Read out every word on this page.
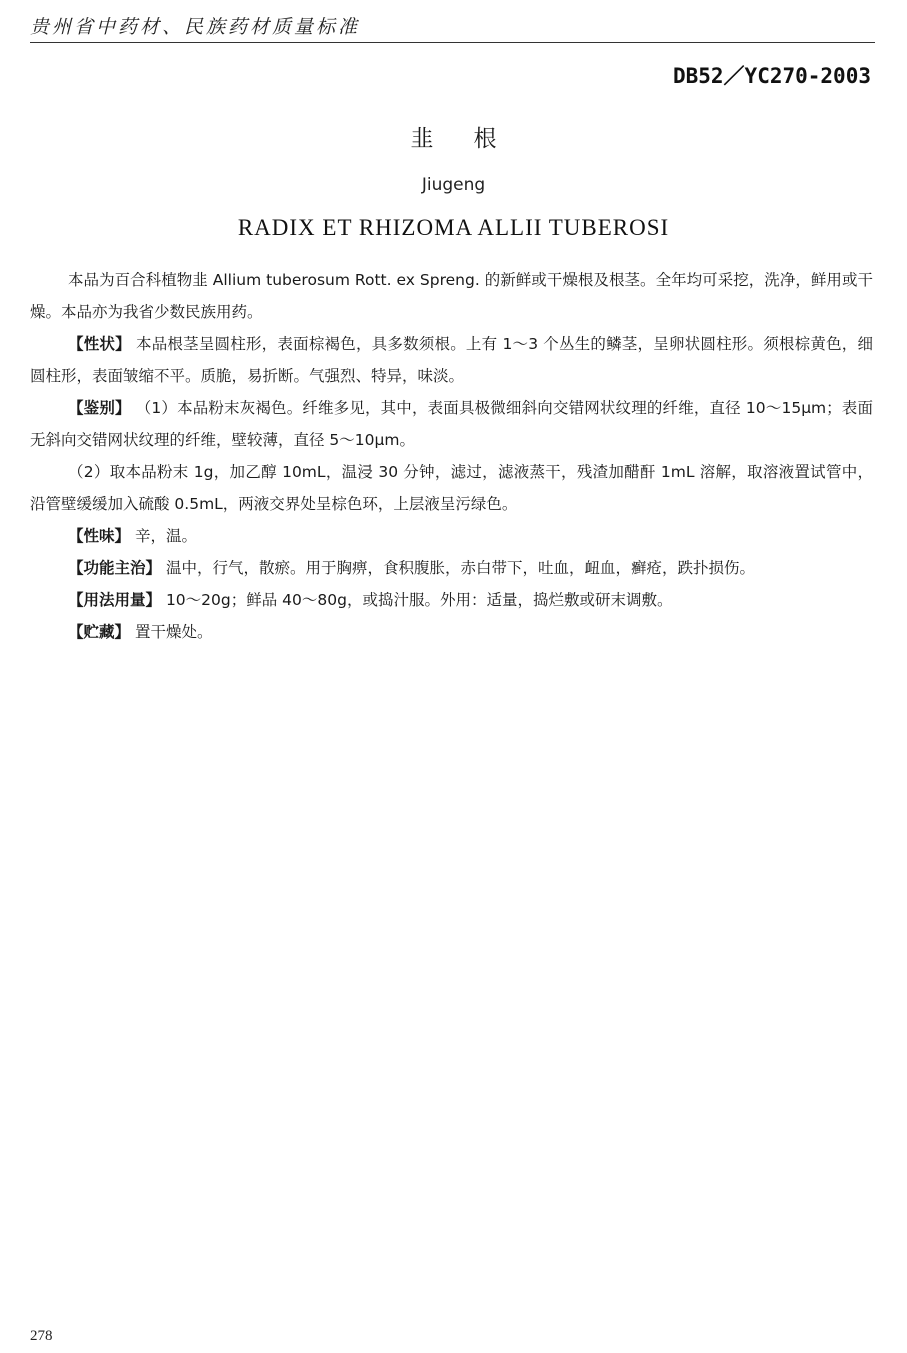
贵州省中药材、民族药材质量标准
DB52／YC270-2003
韭 根
Jiugeng
RADIX ET RHIZOMA ALLII TUBEROSI

本品为百合科植物韭 Allium tuberosum Rott. ex Spreng. 的新鲜或干燥根及根茎。全年均可采挖，洗净，鲜用或干燥。本品亦为我省少数民族用药。

【性状】 本品根茎呈圆柱形，表面棕褐色，具多数须根。上有 1～3 个丛生的鳞茎，呈卵状圆柱形。须根棕黄色，细圆柱形，表面皱缩不平。质脆，易折断。气强烈、特异，味淡。

【鉴别】 （1）本品粉末灰褐色。纤维多见，其中，表面具极微细斜向交错网状纹理的纤维，直径 10～15μm；表面无斜向交错网状纹理的纤维，壁较薄，直径 5～10μm。

（2）取本品粉末 1g，加乙醇 10mL，温浸 30 分钟，滤过，滤液蒸干，残渣加醋酐 1mL 溶解，取溶液置试管中，沿管壁缓缓加入硫酸 0.5mL，两液交界处呈棕色环，上层液呈污绿色。

【性味】 辛，温。

【功能主治】 温中，行气，散瘀。用于胸痹，食积腹胀，赤白带下，吐血，衄血，癣疮，跌扑损伤。

【用法用量】 10～20g；鲜品 40～80g，或捣汁服。外用：适量，捣烂敷或研末调敷。

【贮藏】 置干燥处。

278
